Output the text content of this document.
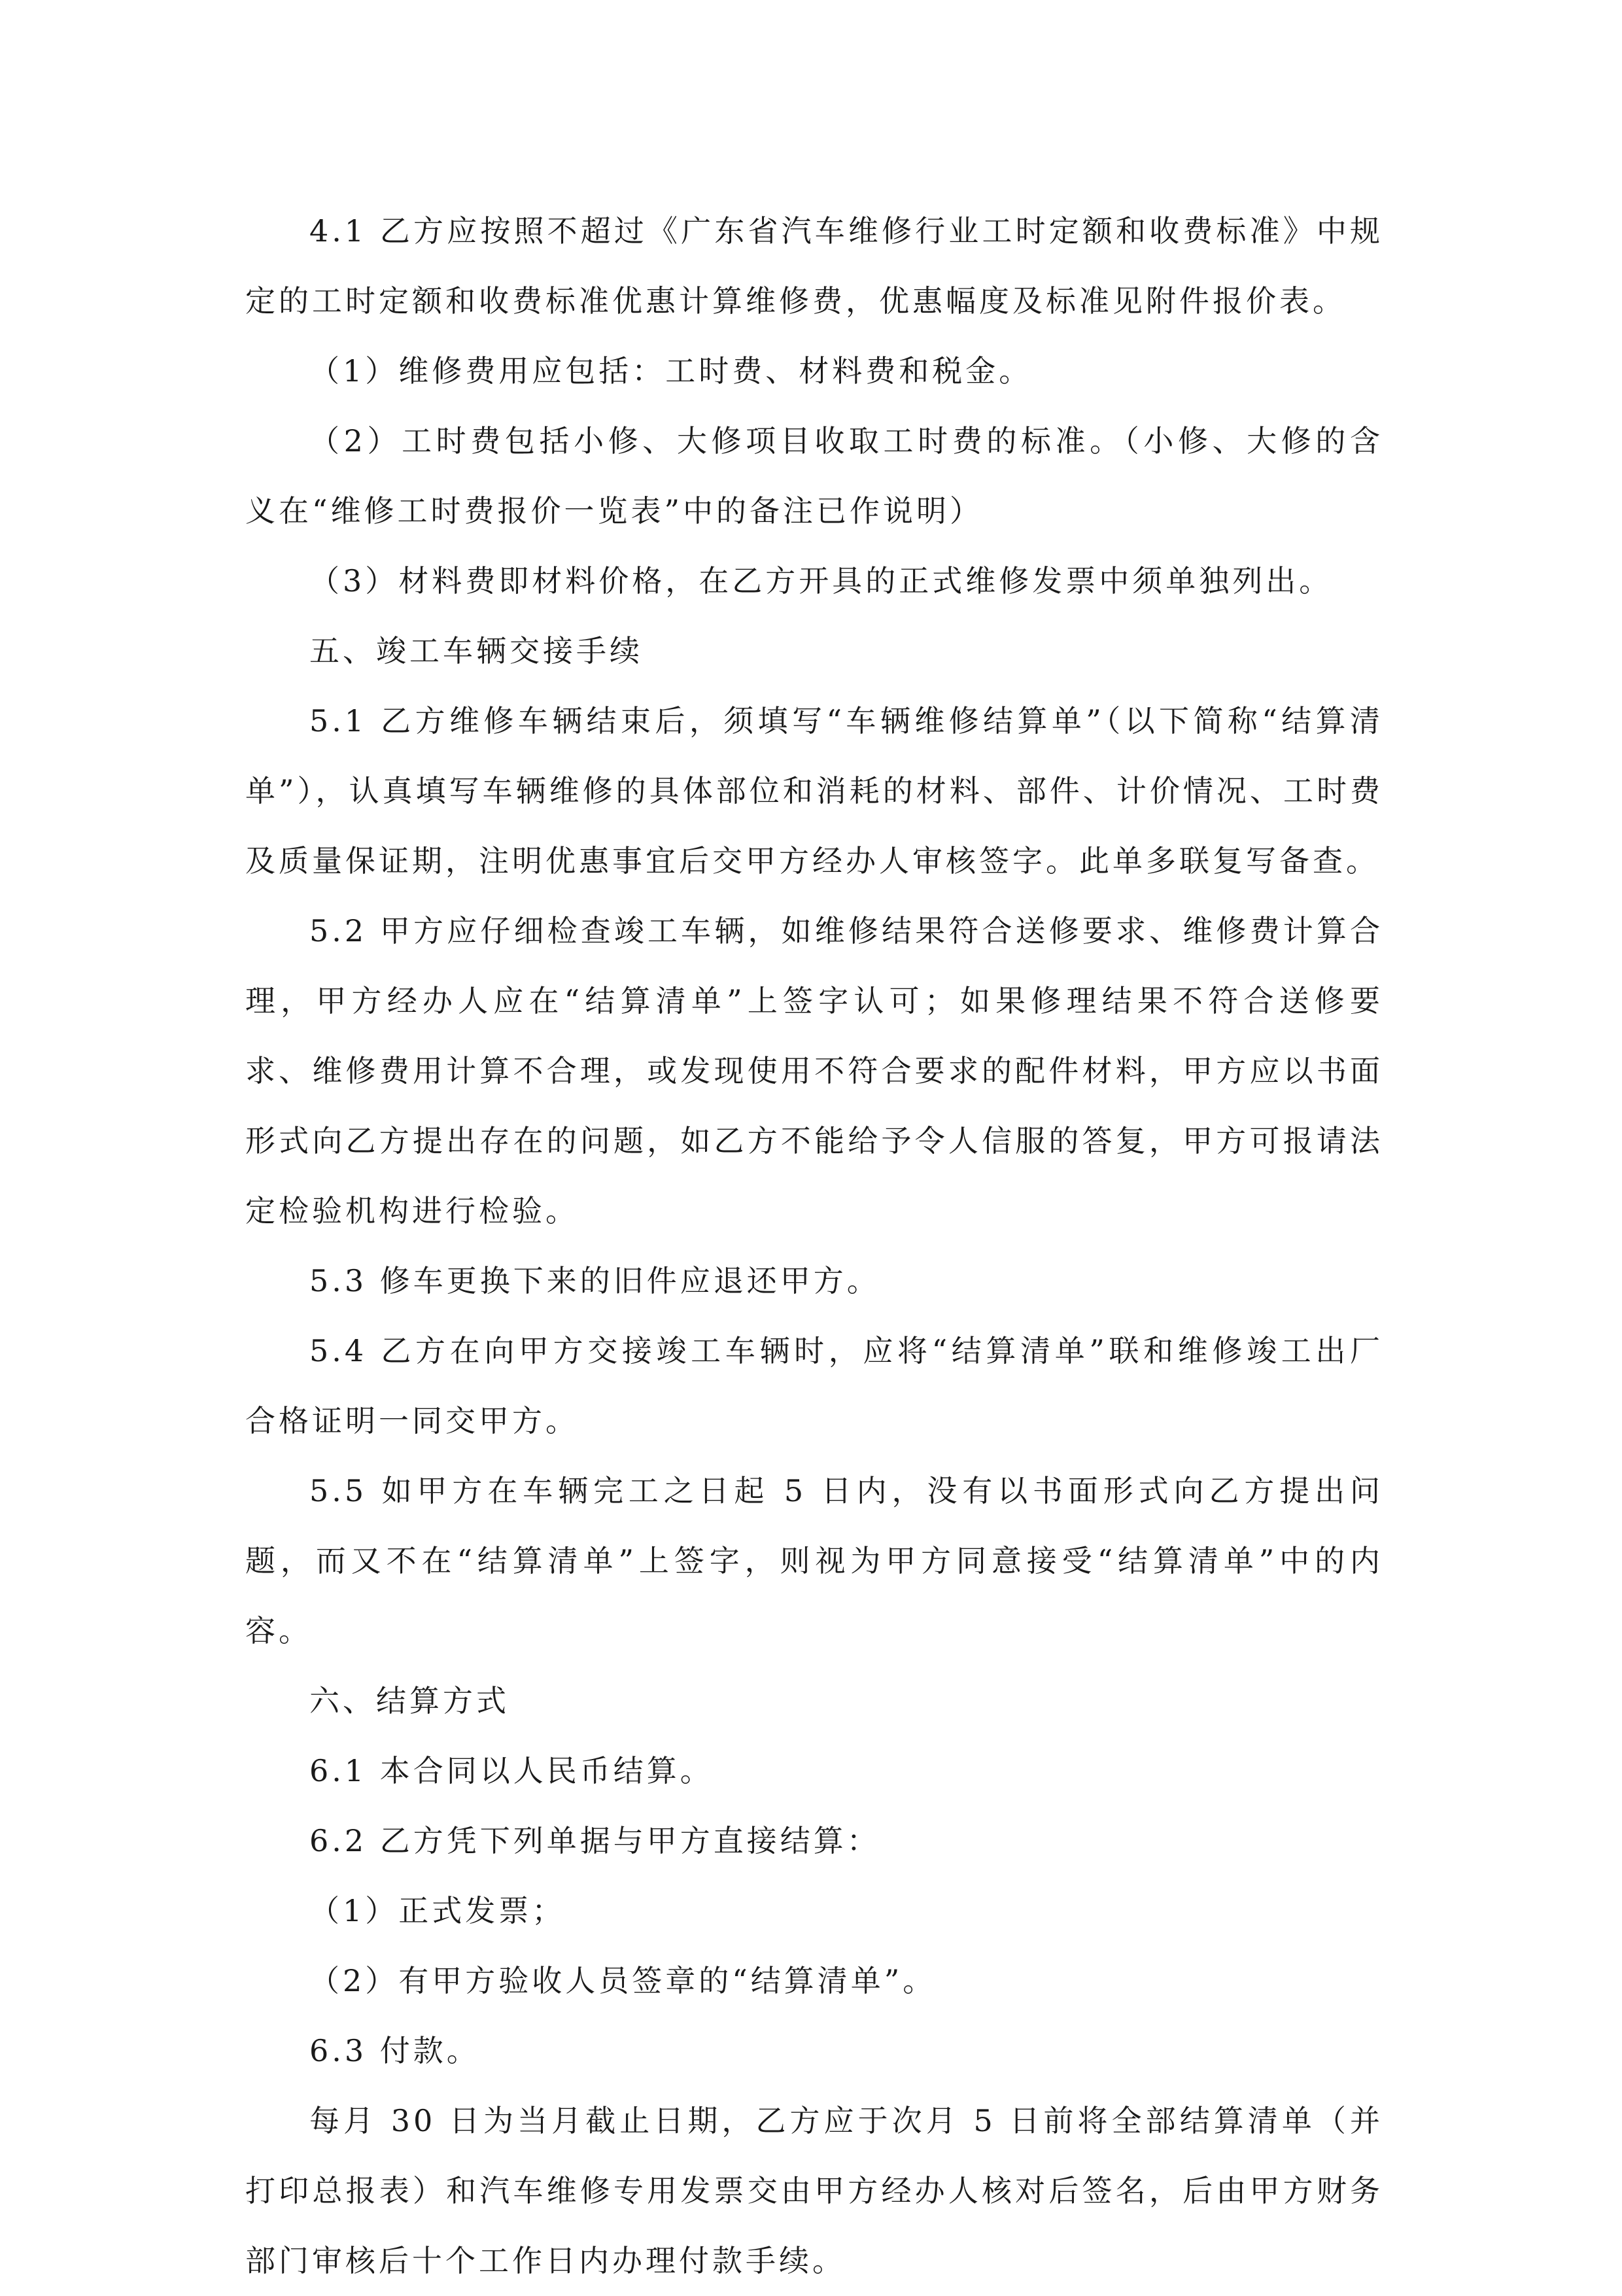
4.1 乙方应按照不超过《广东省汽车维修行业工时定额和收费标准》中规定的工时定额和收费标准优惠计算维修费，优惠幅度及标准见附件报价表。

（1）维修费用应包括：工时费、材料费和税金。

（2）工时费包括小修、大修项目收取工时费的标准。（小修、大修的含义在“维修工时费报价一览表”中的备注已作说明）

（3）材料费即材料价格，在乙方开具的正式维修发票中须单独列出。

五、竣工车辆交接手续

5.1 乙方维修车辆结束后，须填写“车辆维修结算单”（以下简称“结算清单”），认真填写车辆维修的具体部位和消耗的材料、部件、计价情况、工时费及质量保证期，注明优惠事宜后交甲方经办人审核签字。此单多联复写备查。

5.2 甲方应仔细检查竣工车辆，如维修结果符合送修要求、维修费计算合理，甲方经办人应在“结算清单”上签字认可；如果修理结果不符合送修要求、维修费用计算不合理，或发现使用不符合要求的配件材料，甲方应以书面形式向乙方提出存在的问题，如乙方不能给予令人信服的答复，甲方可报请法定检验机构进行检验。

5.3 修车更换下来的旧件应退还甲方。

5.4 乙方在向甲方交接竣工车辆时，应将“结算清单”联和维修竣工出厂合格证明一同交甲方。

5.5 如甲方在车辆完工之日起 5 日内，没有以书面形式向乙方提出问题，而又不在“结算清单”上签字，则视为甲方同意接受“结算清单”中的内容。

六、结算方式

6.1 本合同以人民币结算。

6.2 乙方凭下列单据与甲方直接结算：

（1）正式发票；

（2）有甲方验收人员签章的“结算清单”。

6.3 付款。

每月 30 日为当月截止日期，乙方应于次月 5 日前将全部结算清单（并打印总报表）和汽车维修专用发票交由甲方经办人核对后签名，后由甲方财务部门审核后十个工作日内办理付款手续。
